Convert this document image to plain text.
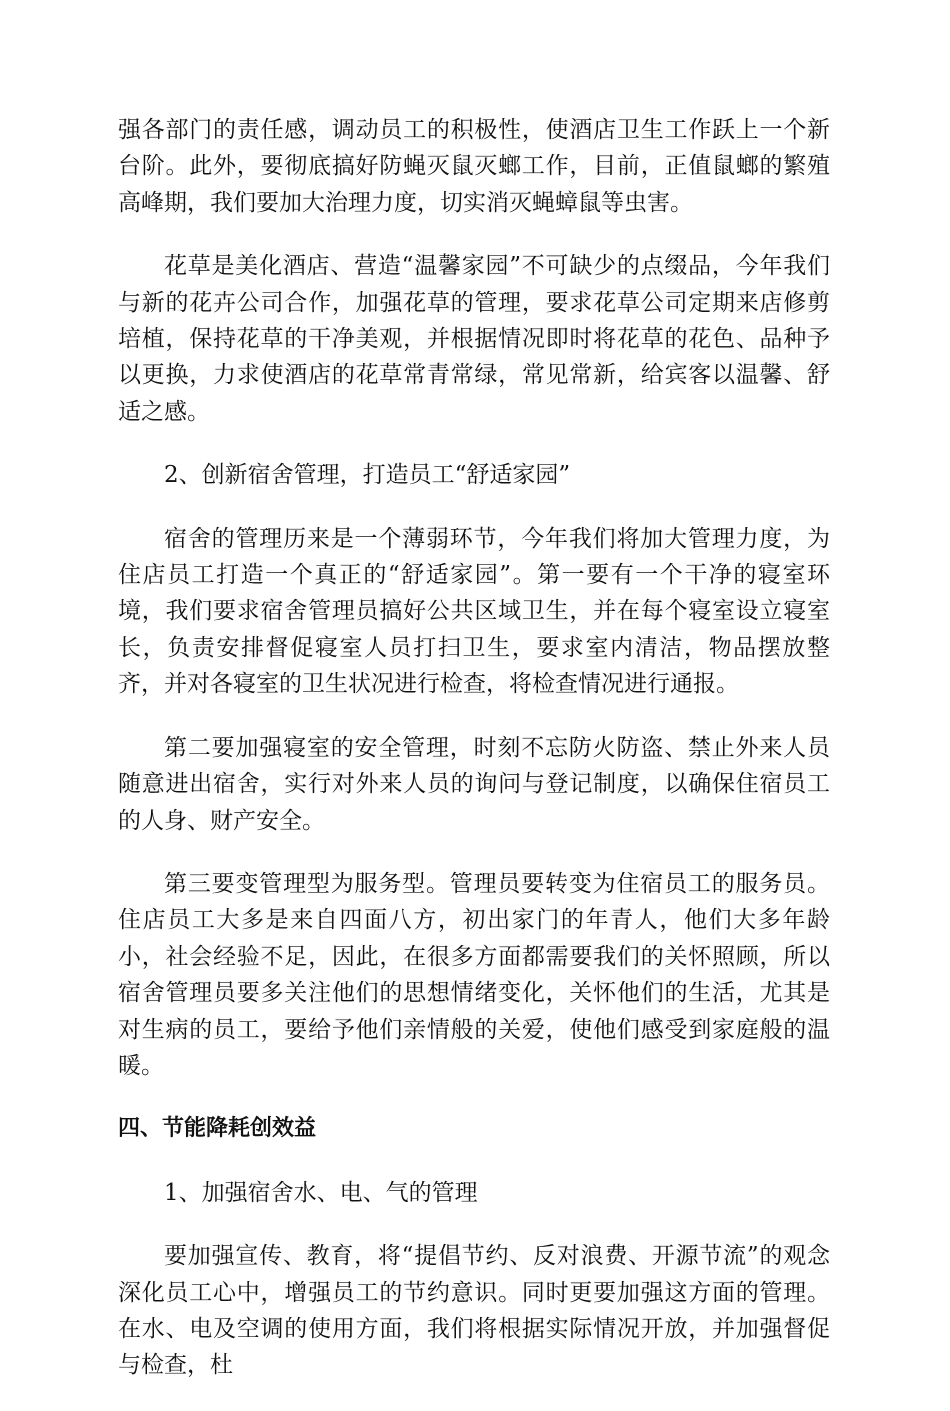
强各部门的责任感，调动员工的积极性，使酒店卫生工作跃上一个新台阶。此外，要彻底搞好防蝇灭鼠灭螂工作，目前，正值鼠螂的繁殖高峰期，我们要加大治理力度，切实消灭蝇蟑鼠等虫害。

花草是美化酒店、营造“温馨家园”不可缺少的点缀品，今年我们与新的花卉公司合作，加强花草的管理，要求花草公司定期来店修剪培植，保持花草的干净美观，并根据情况即时将花草的花色、品种予以更换，力求使酒店的花草常青常绿，常见常新，给宾客以温馨、舒适之感。

2、创新宿舍管理，打造员工“舒适家园”

宿舍的管理历来是一个薄弱环节，今年我们将加大管理力度，为住店员工打造一个真正的“舒适家园”。第一要有一个干净的寝室环境，我们要求宿舍管理员搞好公共区域卫生，并在每个寝室设立寝室长，负责安排督促寝室人员打扫卫生，要求室内清洁，物品摆放整齐，并对各寝室的卫生状况进行检查，将检查情况进行通报。

第二要加强寝室的安全管理，时刻不忘防火防盗、禁止外来人员随意进出宿舍，实行对外来人员的询问与登记制度，以确保住宿员工的人身、财产安全。

第三要变管理型为服务型。管理员要转变为住宿员工的服务员。住店员工大多是来自四面八方，初出家门的年青人，他们大多年龄小，社会经验不足，因此，在很多方面都需要我们的关怀照顾，所以宿舍管理员要多关注他们的思想情绪变化，关怀他们的生活，尤其是对生病的员工，要给予他们亲情般的关爱，使他们感受到家庭般的温暖。

四、节能降耗创效益

1、加强宿舍水、电、气的管理

要加强宣传、教育，将“提倡节约、反对浪费、开源节流”的观念深化员工心中，增强员工的节约意识。同时更要加强这方面的管理。在水、电及空调的使用方面，我们将根据实际情况开放，并加强督促与检查，杜
